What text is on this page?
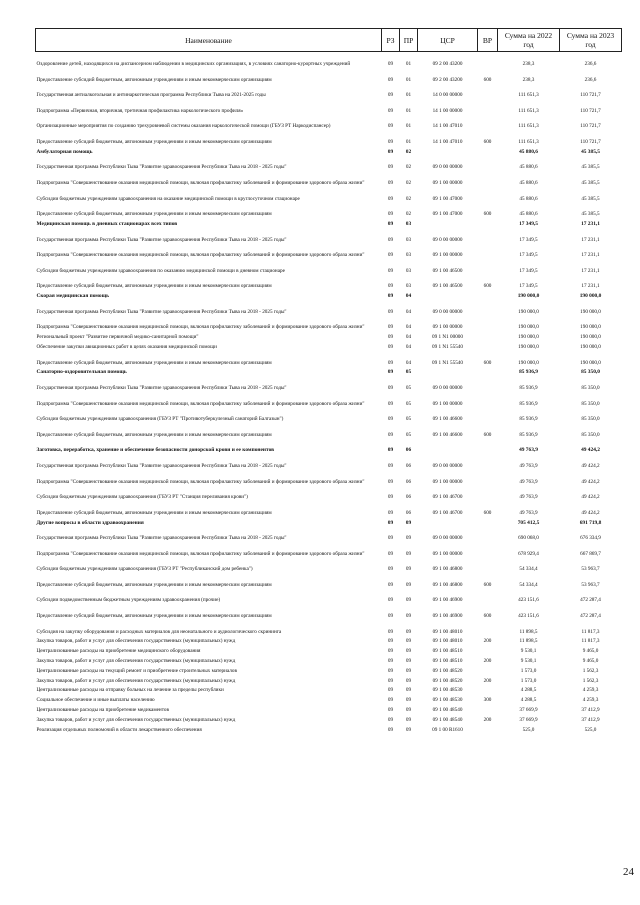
Наименование	РЗ	ПР	ЦСР	ВР	Сумма на 2022 год	Сумма на 2023 год
Оздоровление детей, находящихся на диспансерном наблюдении в медицинских организациях, в условиях санаторно-курортных учреждений	09	01	09 2 00 43200		238,3	236,6
Предоставление субсидий бюджетным, автономным учреждениям и иным некоммерческим организациям	09	01	09 2 00 43200	600	238,3	236,6
Государственная антиалкогольная и антинаркотическая программа Республики Тыва на 2021-2025 годы	09	01	14 0 00 00000		111 651,3	110 721,7
Подпрограмма «Первичная, вторичная, третичная профилактика наркологического профиля»	09	01	14 1 00 00000		111 651,3	110 721,7
Организационные мероприятия по созданию трехуровневой системы оказания наркологической помощи (ГБУЗ РТ Наркодиспансер)	09	01	14 1 00 47010		111 651,3	110 721,7
Предоставление субсидий бюджетным, автономным учреждениям и иным некоммерческим организациям	09	01	14 1 00 47010	600	111 651,3	110 721,7
Амбулаторная помощь	09	02			45 880,6	45 385,5
Государственная программа Республики Тыва "Развитие здравоохранения Республики Тыва на 2018 - 2025 годы"	09	02	09 0 00 00000		45 880,6	45 385,5
Подпрограмма "Совершенствование оказания медицинской помощи, включая профилактику заболеваний и формирование здорового образа жизни"	09	02	09 1 00 00000		45 880,6	45 385,5
Субсидии бюджетным учреждениям здравоохранения на оказание медицинской помощи в круглосуточном стационаре	09	02	09 1 00 47000		45 880,6	45 385,5
Предоставление субсидий бюджетным, автономным учреждениям и иным некоммерческим организациям	09	02	09 1 00 47000	600	45 880,6	45 385,5
Медицинская помощь в дневных стационарах всех типов	09	03			17 349,5	17 231,1
Государственная программа Республики Тыва "Развитие здравоохранения Республики Тыва на 2018 - 2025 годы"	09	03	09 0 00 00000		17 349,5	17 231,1
Подпрограмма "Совершенствование оказания медицинской помощи, включая профилактику заболеваний и формирование здорового образа жизни"	09	03	09 1 00 00000		17 349,5	17 231,1
Субсидии бюджетным учреждениям здравоохранения по оказанию медицинской помощи в дневном стационаре	09	03	09 1 00 46500		17 349,5	17 231,1
Предоставление субсидий бюджетным, автономным учреждениям и иным некоммерческим организациям	09	03	09 1 00 46500	600	17 349,5	17 231,1
Скорая медицинская помощь	09	04			190 000,0	190 000,0
Государственная программа Республики Тыва "Развитие здравоохранения Республики Тыва на 2018 - 2025 годы"	09	04	09 0 00 00000		190 000,0	190 000,0
Подпрограмма "Совершенствование оказания медицинской помощи, включая профилактику заболеваний и формирование здорового образа жизни"	09	04	09 1 00 00000		190 000,0	190 000,0
Региональный проект "Развитие первичной медико-санитарной помощи"	09	04	09 1 N1 00000		190 000,0	190 000,0
Обеспечение закупки авиационных работ в целях оказания медицинской помощи	09	04	09 1 N1 55540		190 000,0	190 000,0
Предоставление субсидий бюджетным, автономным учреждениям и иным некоммерческим организациям	09	04	09 1 N1 55540	600	190 000,0	190 000,0
Санаторно-оздоровительная помощь	09	05			85 936,9	85 350,0
Государственная программа Республики Тыва "Развитие здравоохранения Республики Тыва на 2018 - 2025 годы"	09	05	09 0 00 00000		85 936,9	85 350,0
Подпрограмма "Совершенствование оказания медицинской помощи, включая профилактику заболеваний и формирование здорового образа жизни"	09	05	09 1 00 00000		85 936,9	85 350,0
Субсидии бюджетным учреждениям здравоохранения (ГБУЗ РТ "Противотуберкулезный санаторий Балгазын")	09	05	09 1 00 46600		85 936,9	85 350,0
Предоставление субсидий бюджетным, автономным учреждениям и иным некоммерческим организациям	09	05	09 1 00 46600	600	85 936,9	85 350,0
Заготовка, переработка, хранение и обеспечение безопасности донорской крови и ее компонентов	09	06			49 763,9	49 424,2
Государственная программа Республики Тыва "Развитие здравоохранения Республики Тыва на 2018 - 2025 годы"	09	06	09 0 00 00000		49 763,9	49 424,2
Подпрограмма "Совершенствование оказания медицинской помощи, включая профилактику заболеваний и формирование здорового образа жизни"	09	06	09 1 00 00000		49 763,9	49 424,2
Субсидии бюджетным учреждениям здравоохранения (ГБУЗ РТ "Станция переливания крови")	09	06	09 1 00 46700		49 763,9	49 424,2
Предоставление субсидий бюджетным, автономным учреждениям и иным некоммерческим организациям	09	06	09 1 00 46700	600	49 763,9	49 424,2
Другие вопросы в области здравоохранения	09	09			705 412,5	691 719,8
Государственная программа Республики Тыва "Развитие здравоохранения Республики Тыва на 2018 - 2025 годы"	09	09	09 0 00 00000		690 068,0	676 334,9
Подпрограмма "Совершенствование оказания медицинской помощи, включая профилактику заболеваний и формирование здорового образа жизни"	09	09	09 1 00 00000		678 929,4	667 869,7
Субсидии бюджетным учреждениям здравоохранения (ГБУЗ РТ "Республиканский дом ребенка")	09	09	09 1 00 46800		54 334,4	53 963,7
Предоставление субсидий бюджетным, автономным учреждениям и иным некоммерческим организациям	09	09	09 1 00 46800	600	54 334,4	53 963,7
Субсидии подведомственным бюджетным учреждениям здравоохранения (прочие)	09	09	09 1 00 46900		423 151,6	472 287,4
Предоставление субсидий бюджетным, автономным учреждениям и иным некоммерческим организациям	09	09	09 1 00 46900	600	423 151,6	472 287,4
Субсидия на закупку оборудования и расходных материалов для неонатального и аудиологического скрининга	09	09	09 1 00 48010		11 898,5	11 817,3
Закупка товаров, работ и услуг для обеспечения государственных (муниципальных) нужд	09	09	09 1 00 48010	200	11 898,5	11 817,3
Централизованные расходы на приобретение медицинского оборудования	09	09	09 1 00 48510		9 530,1	9 465,0
Закупка товаров, работ и услуг для обеспечения государственных (муниципальных) нужд	09	09	09 1 00 48510	200	9 530,1	9 465,0
Централизованные расходы на текущий ремонт и приобретение строительных материалов	09	09	09 1 00 48520		1 573,0	1 562,3
Закупка товаров, работ и услуг для обеспечения государственных (муниципальных) нужд	09	09	09 1 00 48520	200	1 573,0	1 562,3
Централизованные расходы на отправку больных на лечение за пределы республики	09	09	09 1 00 48530		4 288,5	4 259,3
Социальное обеспечение и иные выплаты населению	09	09	09 1 00 48530	300	4 288,5	4 259,3
Централизованные расходы на приобретение медикаментов	09	09	09 1 00 48540		37 669,9	37 412,9
Закупка товаров, работ и услуг для обеспечения государственных (муниципальных) нужд	09	09	09 1 00 48540	200	37 669,9	37 412,9
Реализация отдельных полномочий в области лекарственного обеспечения	09	09	09 1 00 R1610		525,0	525,0
24
